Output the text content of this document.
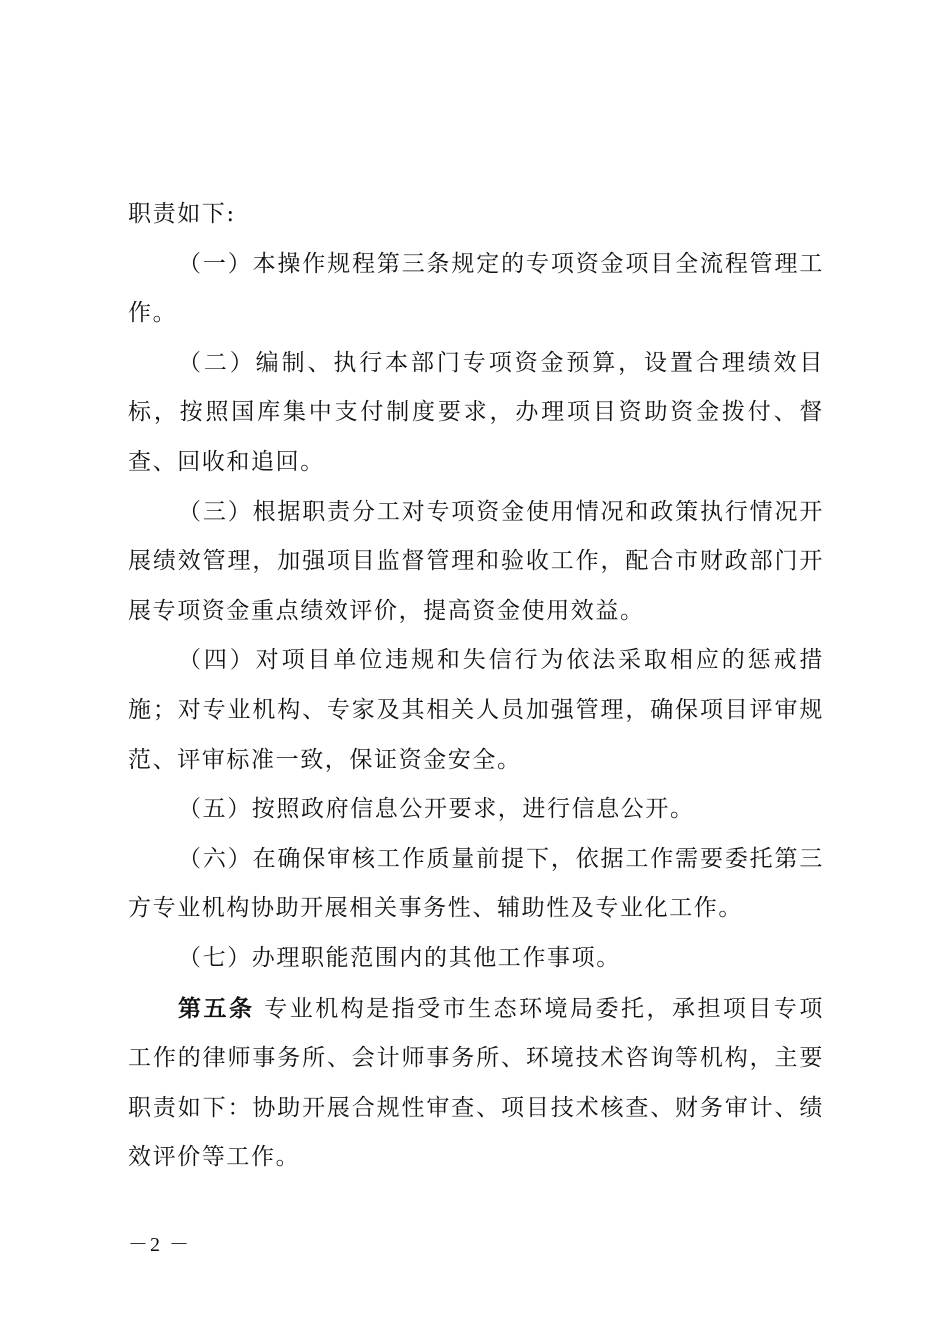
职责如下:

（一）本操作规程第三条规定的专项资金项目全流程管理工作。

（二）编制、执行本部门专项资金预算，设置合理绩效目标，按照国库集中支付制度要求，办理项目资助资金拨付、督查、回收和追回。

（三）根据职责分工对专项资金使用情况和政策执行情况开展绩效管理，加强项目监督管理和验收工作，配合市财政部门开展专项资金重点绩效评价，提高资金使用效益。

（四）对项目单位违规和失信行为依法采取相应的惩戒措施；对专业机构、专家及其相关人员加强管理，确保项目评审规范、评审标准一致，保证资金安全。

（五）按照政府信息公开要求，进行信息公开。

（六）在确保审核工作质量前提下，依据工作需要委托第三方专业机构协助开展相关事务性、辅助性及专业化工作。

（七）办理职能范围内的其他工作事项。

第五条 专业机构是指受市生态环境局委托，承担项目专项工作的律师事务所、会计师事务所、环境技术咨询等机构，主要职责如下：协助开展合规性审查、项目技术核查、财务审计、绩效评价等工作。

－2 －
